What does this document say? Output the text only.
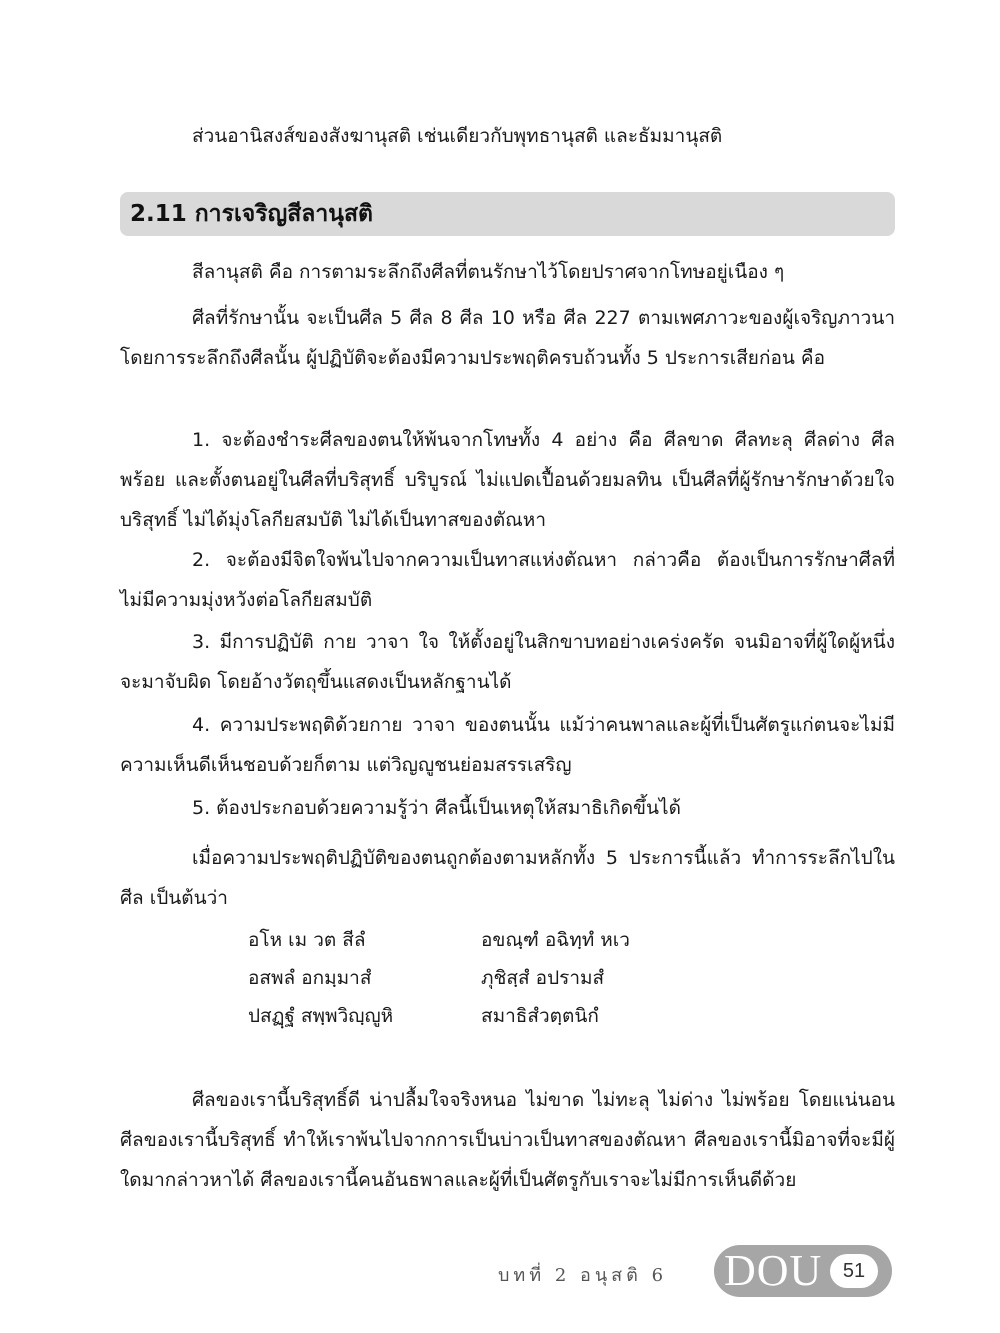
ส่วนอานิสงส์ของสังฆานุสติ เช่นเดียวกับพุทธานุสติ และธัมมานุสติ

2.11 การเจริญสีลานุสติ

สีลานุสติ คือ การตามระลึกถึงศีลที่ตนรักษาไว้โดยปราศจากโทษอยู่เนือง ๆ

ศีลที่รักษานั้น จะเป็นศีล 5 ศีล 8 ศีล 10 หรือ ศีล 227 ตามเพศภาวะของผู้เจริญภาวนา โดยการระลึกถึงศีลนั้น ผู้ปฏิบัติจะต้องมีความประพฤติครบถ้วนทั้ง 5 ประการเสียก่อน คือ

1. จะต้องชำระศีลของตนให้พ้นจากโทษทั้ง 4 อย่าง คือ ศีลขาด ศีลทะลุ ศีลด่าง ศีลพร้อย และตั้งตนอยู่ในศีลที่บริสุทธิ์ บริบูรณ์ ไม่แปดเปื้อนด้วยมลทิน เป็นศีลที่ผู้รักษารักษาด้วยใจบริสุทธิ์ ไม่ได้มุ่งโลกียสมบัติ ไม่ได้เป็นทาสของตัณหา

2. จะต้องมีจิตใจพ้นไปจากความเป็นทาสแห่งตัณหา กล่าวคือ ต้องเป็นการรักษาศีลที่ไม่มีความมุ่งหวังต่อโลกียสมบัติ

3. มีการปฏิบัติ กาย วาจา ใจ ให้ตั้งอยู่ในสิกขาบทอย่างเคร่งครัด จนมิอาจที่ผู้ใดผู้หนึ่งจะมาจับผิด โดยอ้างวัตถุขึ้นแสดงเป็นหลักฐานได้

4. ความประพฤติด้วยกาย วาจา ของตนนั้น แม้ว่าคนพาลและผู้ที่เป็นศัตรูแก่ตนจะไม่มีความเห็นดีเห็นชอบด้วยก็ตาม แต่วิญญูชนย่อมสรรเสริญ

5. ต้องประกอบด้วยความรู้ว่า ศีลนี้เป็นเหตุให้สมาธิเกิดขึ้นได้

เมื่อความประพฤติปฏิบัติของตนถูกต้องตามหลักทั้ง 5 ประการนี้แล้ว ทำการระลึกไปในศีล เป็นต้นว่า

อโห เม วต สีลํ	อขณฺฑํ อฉิทฺทํ หเว
อสพลํ อกมฺมาสํ	ภุชิสฺสํ อปรามสํ
ปสฏฺฐํ สพฺพวิญฺญูหิ	สมาธิสํวตฺตนิกํ

ศีลของเรานี้บริสุทธิ์ดี น่าปลื้มใจจริงหนอ ไม่ขาด ไม่ทะลุ ไม่ด่าง ไม่พร้อย โดยแน่นอน ศีลของเรานี้บริสุทธิ์ ทำให้เราพ้นไปจากการเป็นบ่าวเป็นทาสของตัณหา ศีลของเรานี้มิอาจที่จะมีผู้ใดมากล่าวหาได้ ศีลของเรานี้คนอันธพาลและผู้ที่เป็นศัตรูกับเราจะไม่มีการเห็นดีด้วย

บทที่ 2 อนุสติ 6 DOU	51
